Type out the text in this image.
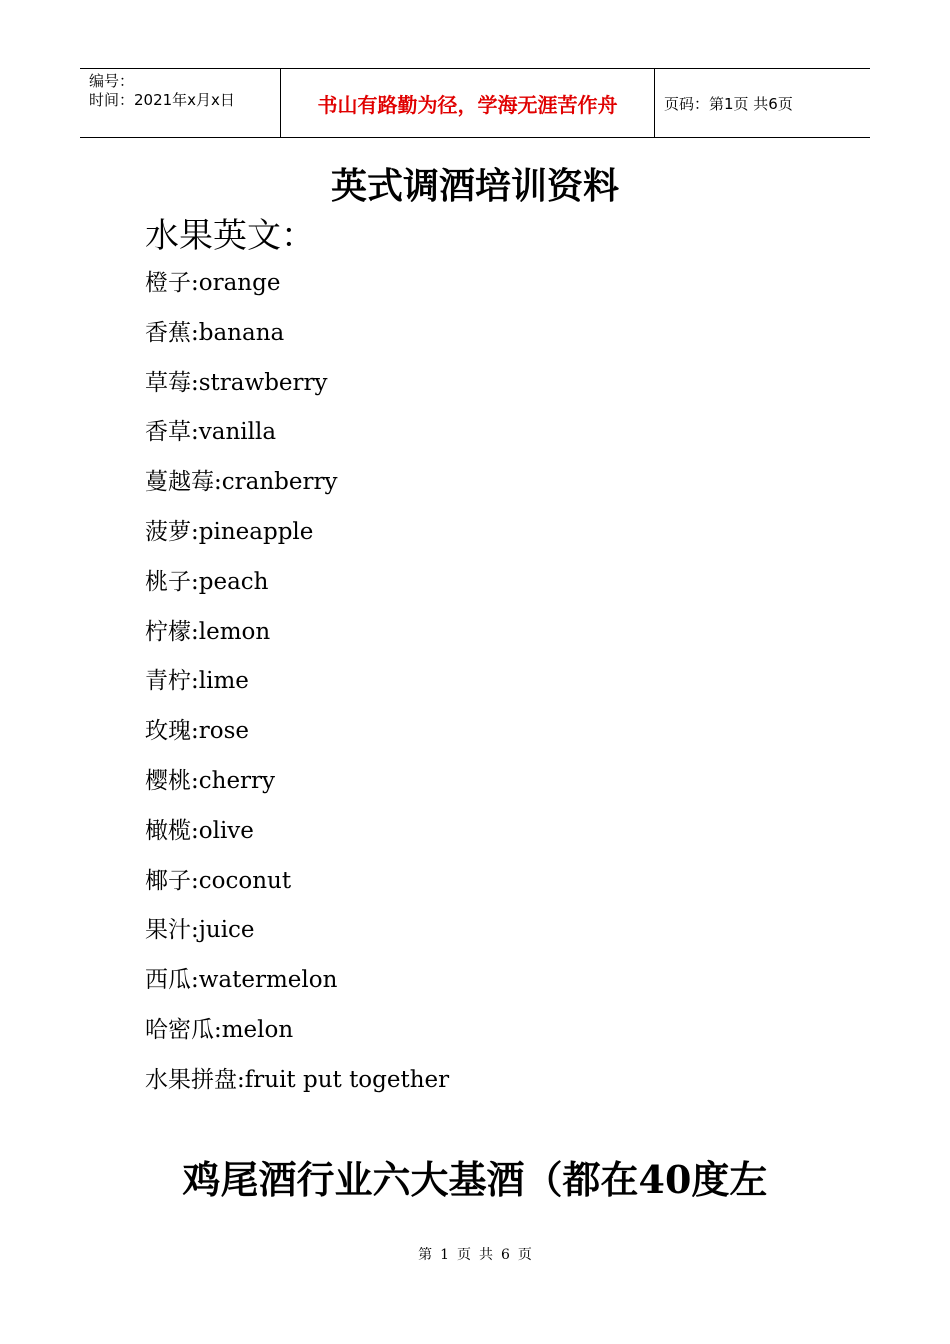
编号：
时间：2021年x月x日	书山有路勤为径，学海无涯苦作舟	页码：第1页 共6页
英式调酒培训资料
水果英文：
橙子:orange
香蕉:banana
草莓:strawberry
香草:vanilla
蔓越莓:cranberry
菠萝:pineapple
桃子:peach
柠檬:lemon
青柠:lime
玫瑰:rose
樱桃:cherry
橄榄:olive
椰子:coconut
果汁:juice
西瓜:watermelon
哈密瓜:melon
水果拼盘:fruit put together
鸡尾酒行业六大基酒（都在40度左
第 1 页 共 6 页
